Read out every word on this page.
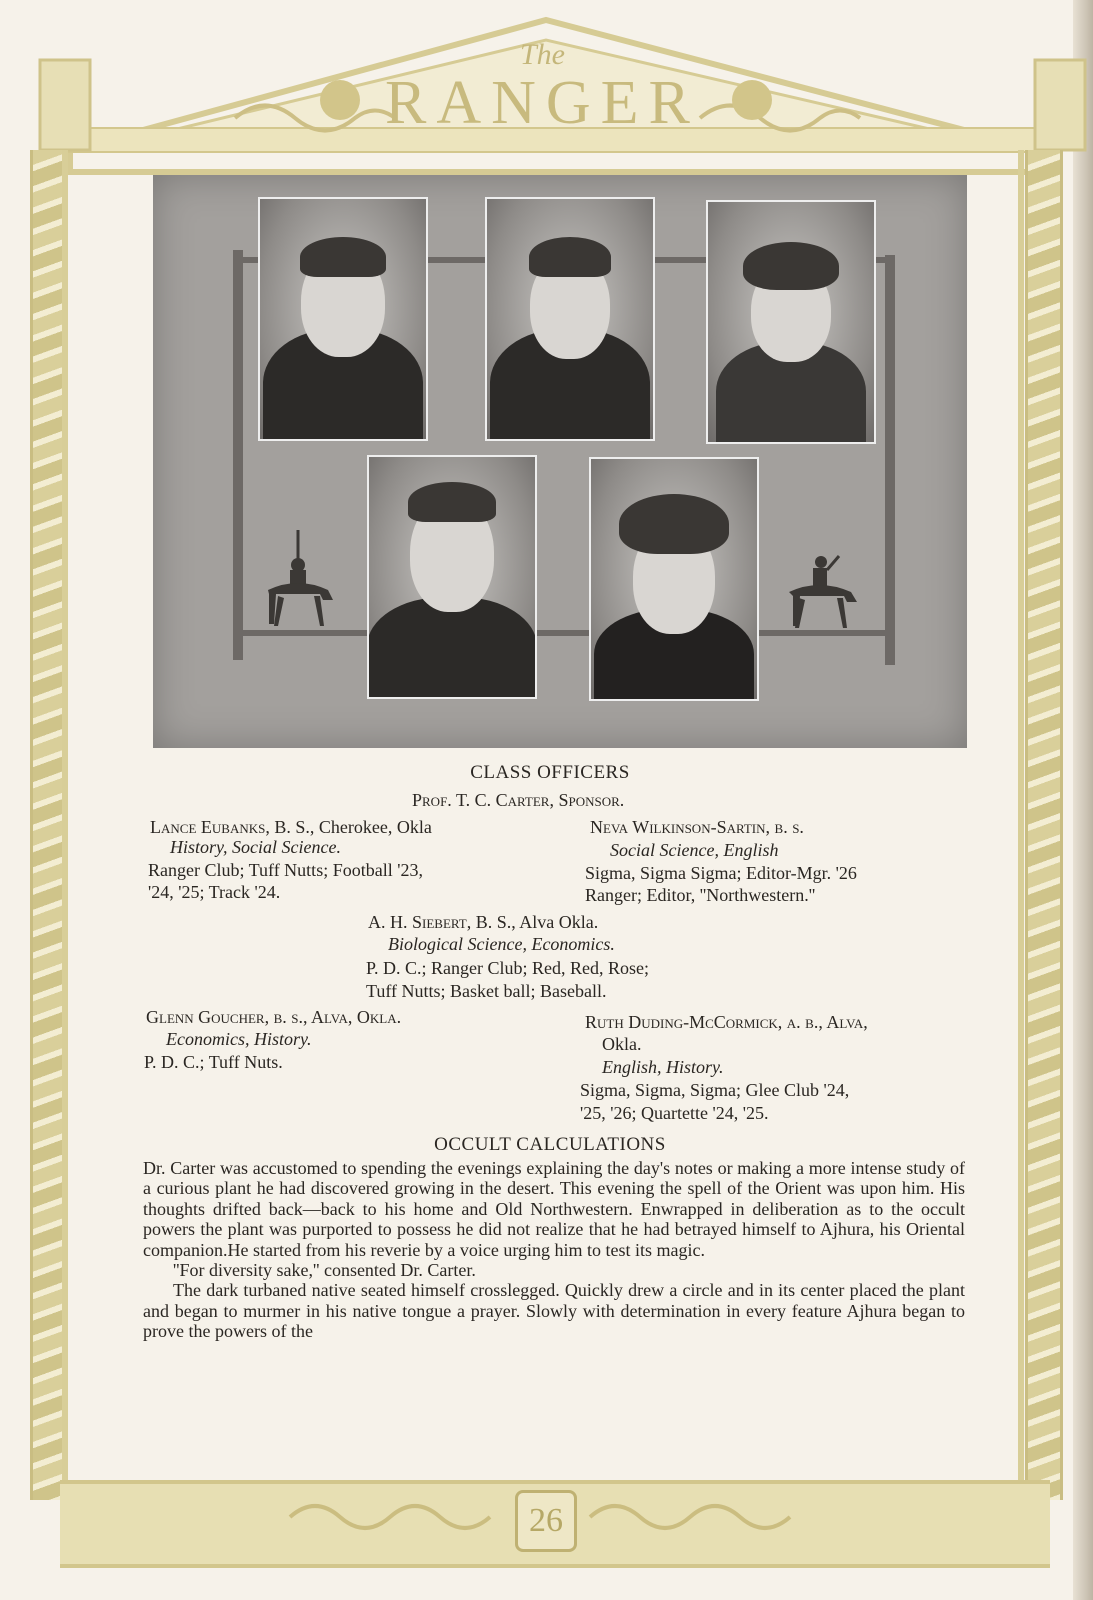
The
RANGER
CLASS OFFICERS
Prof. T. C. Carter, Sponsor.
Lance Eubanks, B. S., Cherokee, Okla
History, Social Science.
Ranger Club; Tuff Nutts; Football '23,
'24, '25; Track '24.
Neva Wilkinson-Sartin, b. s.
Social Science, English
Sigma, Sigma Sigma; Editor-Mgr. '26
Ranger; Editor, ''Northwestern.''
A. H. Siebert, B. S., Alva Okla.
Biological Science, Economics.
P. D. C.; Ranger Club; Red, Red, Rose;
Tuff Nutts; Basket ball; Baseball.
Glenn Goucher, b. s., Alva, Okla.
Economics, History.
P. D. C.; Tuff Nuts.
Ruth Duding-McCormick, a. b., Alva,
Okla.
English, History.
Sigma, Sigma, Sigma; Glee Club '24,
'25, '26; Quartette '24, '25.
OCCULT CALCULATIONS

Dr. Carter was accustomed to spending the evenings explaining the day's notes or making a more intense study of a curious plant he had discovered growing in the desert. This evening the spell of the Orient was upon him. His thoughts drifted back—back to his home and Old Northwestern. Enwrapped in deliberation as to the occult powers the plant was purported to possess he did not realize that he had betrayed himself to Ajhura, his Oriental companion.He started from his reverie by a voice urging him to test its magic.

''For diversity sake,'' consented Dr. Carter.

The dark turbaned native seated himself crosslegged. Quickly drew a circle and in its center placed the plant and began to murmer in his native tongue a prayer. Slowly with determination in every feature Ajhura began to prove the powers of the

26
